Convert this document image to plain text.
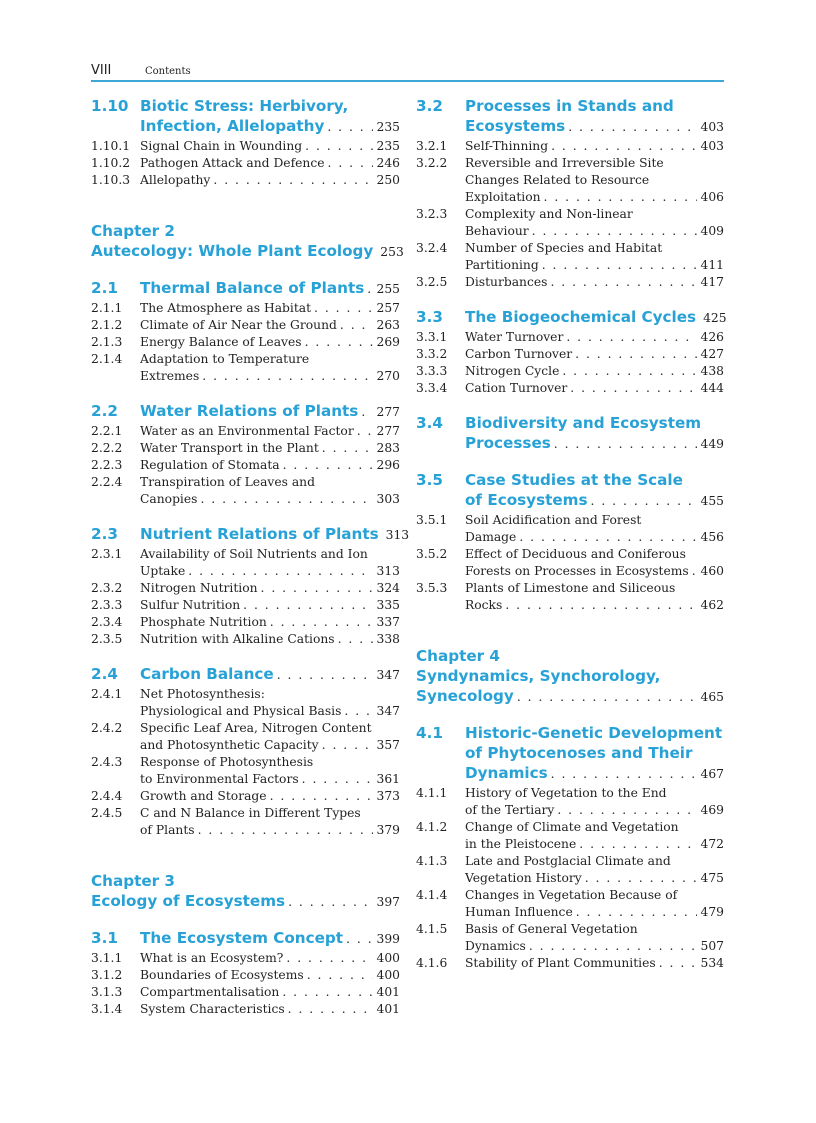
VIII	Contents
1.10 Biotic Stress: Herbivory,
Infection, Allelopathy . . .	235
1.10.1 Signal Chain in Wounding . . .	235
1.10.2 Pathogen Attack and Defence . . .	246
1.10.3 Allelopathy . . .	250
Chapter 2
Autecology: Whole Plant Ecology 253
2.1	Thermal Balance of Plants . . . 255
2.1.1	The Atmosphere as Habitat . . .	257
2.1.2	Climate of Air Near the Ground . . .	263
2.1.3	Energy Balance of Leaves . . .	269
2.1.4	Adaptation to Temperature
Extremes . . .	270
2.2	Water Relations of Plants . . . 277
2.2.1	Water as an Environmental Factor . . . 277
2.2.2	Water Transport in the Plant . . .	283
2.2.3	Regulation of Stomata . . .	296
2.2.4	Transpiration of Leaves and
Canopies . . .	303
2.3	Nutrient Relations of Plants 313
2.3.1	Availability of Soil Nutrients and Ion
Uptake . . .	313
2.3.2	Nitrogen Nutrition . . .	324
2.3.3	Sulfur Nutrition . . .	335
2.3.4	Phosphate Nutrition . . .	337
2.3.5	Nutrition with Alkaline Cations . . .	338
2.4	Carbon Balance . . .	347
2.4.1	Net Photosynthesis:
Physiological and Physical Basis . . .	347
2.4.2	Specific Leaf Area, Nitrogen Content
and Photosynthetic Capacity . . .	357
2.4.3	Response of Photosynthesis
to Environmental Factors . . .	361
2.4.4	Growth and Storage . . .	373
2.4.5	C and N Balance in Different Types
of Plants . . .	379
Chapter 3
Ecology of Ecosystems . . .	397
3.1	The Ecosystem Concept . . .	399
3.1.1	What is an Ecosystem? . . .	400
3.1.2	Boundaries of Ecosystems . . .	400
3.1.3	Compartmentalisation . . .	401
3.1.4	System Characteristics . . .	401
3.2	Processes in Stands and
Ecosystems . . .	403
3.2.1	Self-Thinning . . .	403
3.2.2	Reversible and Irreversible Site
Changes Related to Resource
Exploitation . . .	406
3.2.3	Complexity and Non-linear
Behaviour . . .	409
3.2.4	Number of Species and Habitat
Partitioning . . .	411
3.2.5	Disturbances . . .	417
3.3	The Biogeochemical Cycles 425
3.3.1	Water Turnover . . .	426
3.3.2	Carbon Turnover . . .	427
3.3.3	Nitrogen Cycle . . .	438
3.3.4	Cation Turnover . . .	444
3.4	Biodiversity and Ecosystem
Processes . . .	449
3.5	Case Studies at the Scale
of Ecosystems . . .	455
3.5.1	Soil Acidification and Forest
Damage . . .	456
3.5.2	Effect of Deciduous and Coniferous
Forests on Processes in Ecosystems . . . 460
3.5.3	Plants of Limestone and Siliceous
Rocks . . .	462
Chapter 4
Syndynamics, Synchorology,
Synecology . . .	465
4.1	Historic-Genetic Development
of Phytocenoses and Their
Dynamics . . .	467
4.1.1	History of Vegetation to the End
of the Tertiary . . .	469
4.1.2	Change of Climate and Vegetation
in the Pleistocene . . .	472
4.1.3	Late and Postglacial Climate and
Vegetation History . . .	475
4.1.4	Changes in Vegetation Because of
Human Influence . . .	479
4.1.5	Basis of General Vegetation
Dynamics . . .	507
4.1.6	Stability of Plant Communities . . .	534
